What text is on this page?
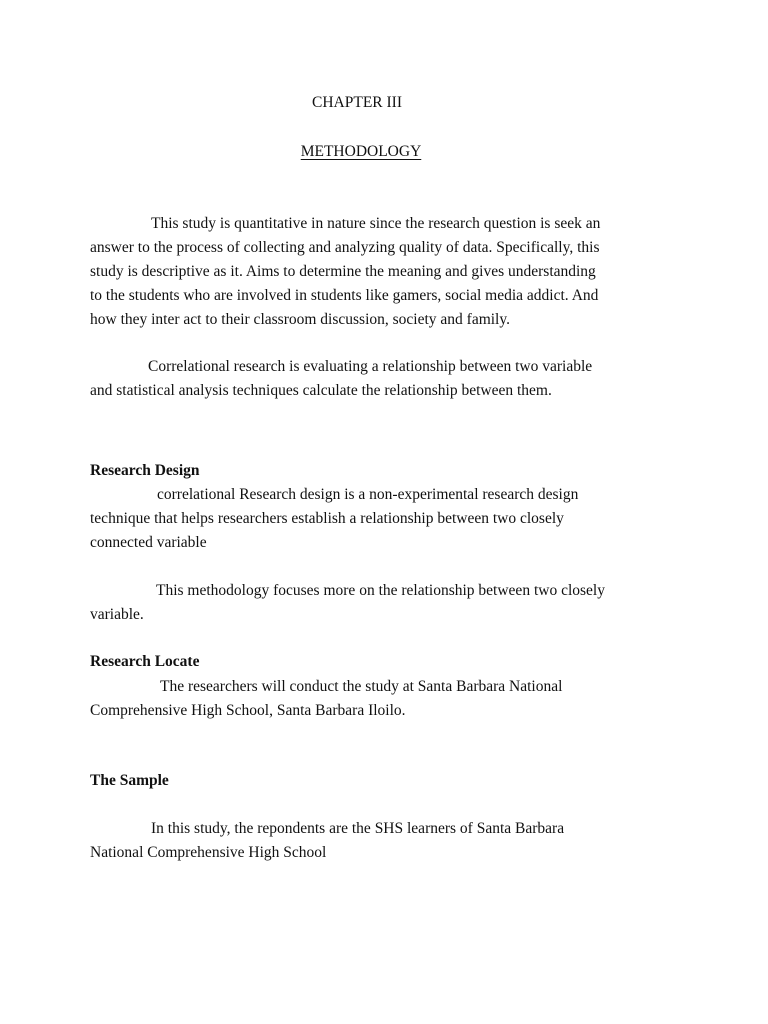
CHAPTER III
METHODOLOGY
This study is quantitative in nature since the research question is seek an
answer to the process of collecting and analyzing quality of data. Specifically, this
study is descriptive as it. Aims to determine the meaning and gives understanding
to the students who are involved in students like gamers, social media addict. And
how they inter act to their classroom discussion, society and family.
Correlational research is evaluating a relationship between two variable
and statistical analysis techniques calculate the relationship between them.
Research Design
correlational Research design is a non-experimental research design
technique that helps researchers establish a relationship between two closely
connected variable
This methodology focuses more on the relationship between two closely
variable.
Research Locate
The researchers will conduct the study at Santa Barbara National
Comprehensive High School, Santa Barbara Iloilo.
The Sample
In this study, the repondents are the SHS learners of Santa Barbara
National Comprehensive High School
